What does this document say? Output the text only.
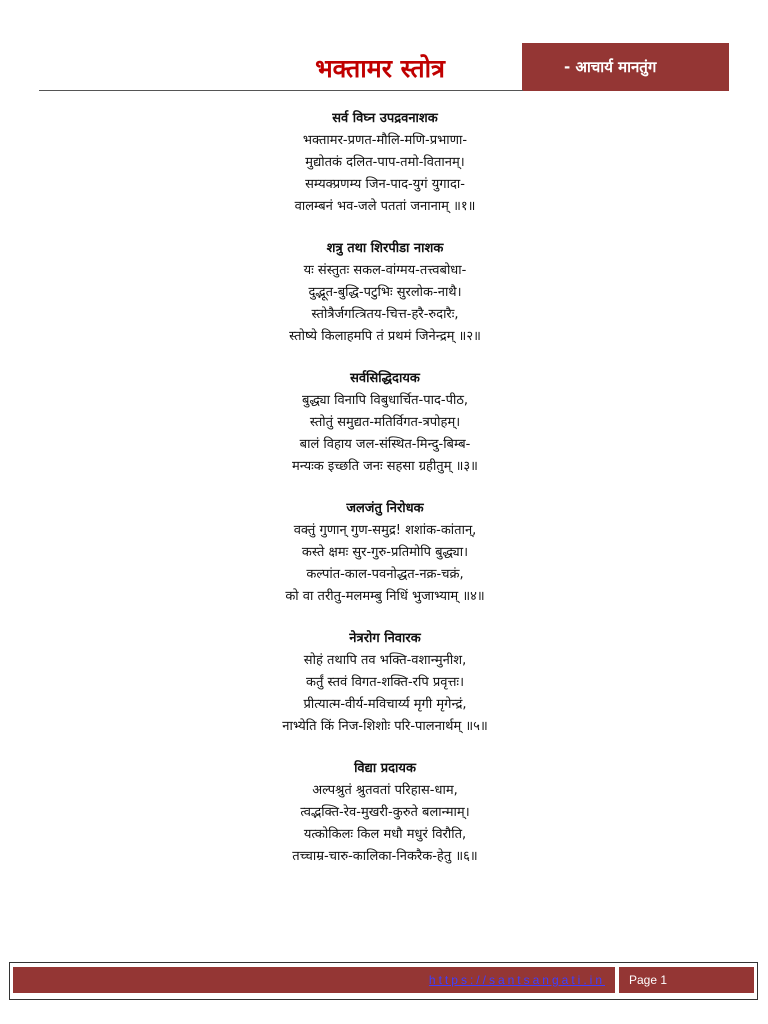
भक्तामर स्तोत्र	- आचार्य मानतुंग
सर्व विघ्न उपद्रवनाशक
भक्तामर-प्रणत-मौलि-मणि-प्रभाणा-
मुद्योतकं दलित-पाप-तमो-वितानम्।
सम्यक्प्रणम्य जिन-पाद-युगं युगादा-
वालम्बनं भव-जले पततां जनानाम् ॥१॥
शत्रु तथा शिरपीडा नाशक
यः संस्तुतः सकल-वांग्मय-तत्त्वबोधा-
दुद्भूत-बुद्धि-पटुभिः सुरलोक-नाथै।
स्तोत्रैर्जगत्त्रितय-चित्त-हरै-रुदारैः,
स्तोष्ये किलाहमपि तं प्रथमं जिनेन्द्रम् ॥२॥
सर्वसिद्धिदायक
बुद्ध्या विनापि विबुधार्चित-पाद-पीठ,
स्तोतुं समुद्यत-मतिर्विगत-त्रपोहम्।
बालं विहाय जल-संस्थित-मिन्दु-बिम्ब-
मन्यःक इच्छति जनः सहसा ग्रहीतुम् ॥३॥
जलजंतु निरोधक
वक्तुं गुणान् गुण-समुद्र! शशांक-कांतान्,
कस्ते क्षमः सुर-गुरु-प्रतिमोपि बुद्ध्या।
कल्पांत-काल-पवनोद्धत-नक्र-चक्रं,
को वा तरीतु-मलमम्बु निधिं भुजाभ्याम् ॥४॥
नेत्ररोग निवारक
सोहं तथापि तव भक्ति-वशान्मुनीश,
कर्तुं स्तवं विगत-शक्ति-रपि प्रवृत्तः।
प्रीत्यात्म-वीर्य-मविचार्य्य मृगी मृगेन्द्रं,
नाभ्येति किं निज-शिशोः परि-पालनार्थम् ॥५॥
विद्या प्रदायक
अल्पश्रुतं श्रुतवतां परिहास-धाम,
त्वद्भक्ति-रेव-मुखरी-कुरुते बलान्माम्।
यत्कोकिलः किल मधौ मधुरं विरौति,
तच्चाम्र-चारु-कालिका-निकरैक-हेतु ॥६॥
https://santsangati.in	Page 1
